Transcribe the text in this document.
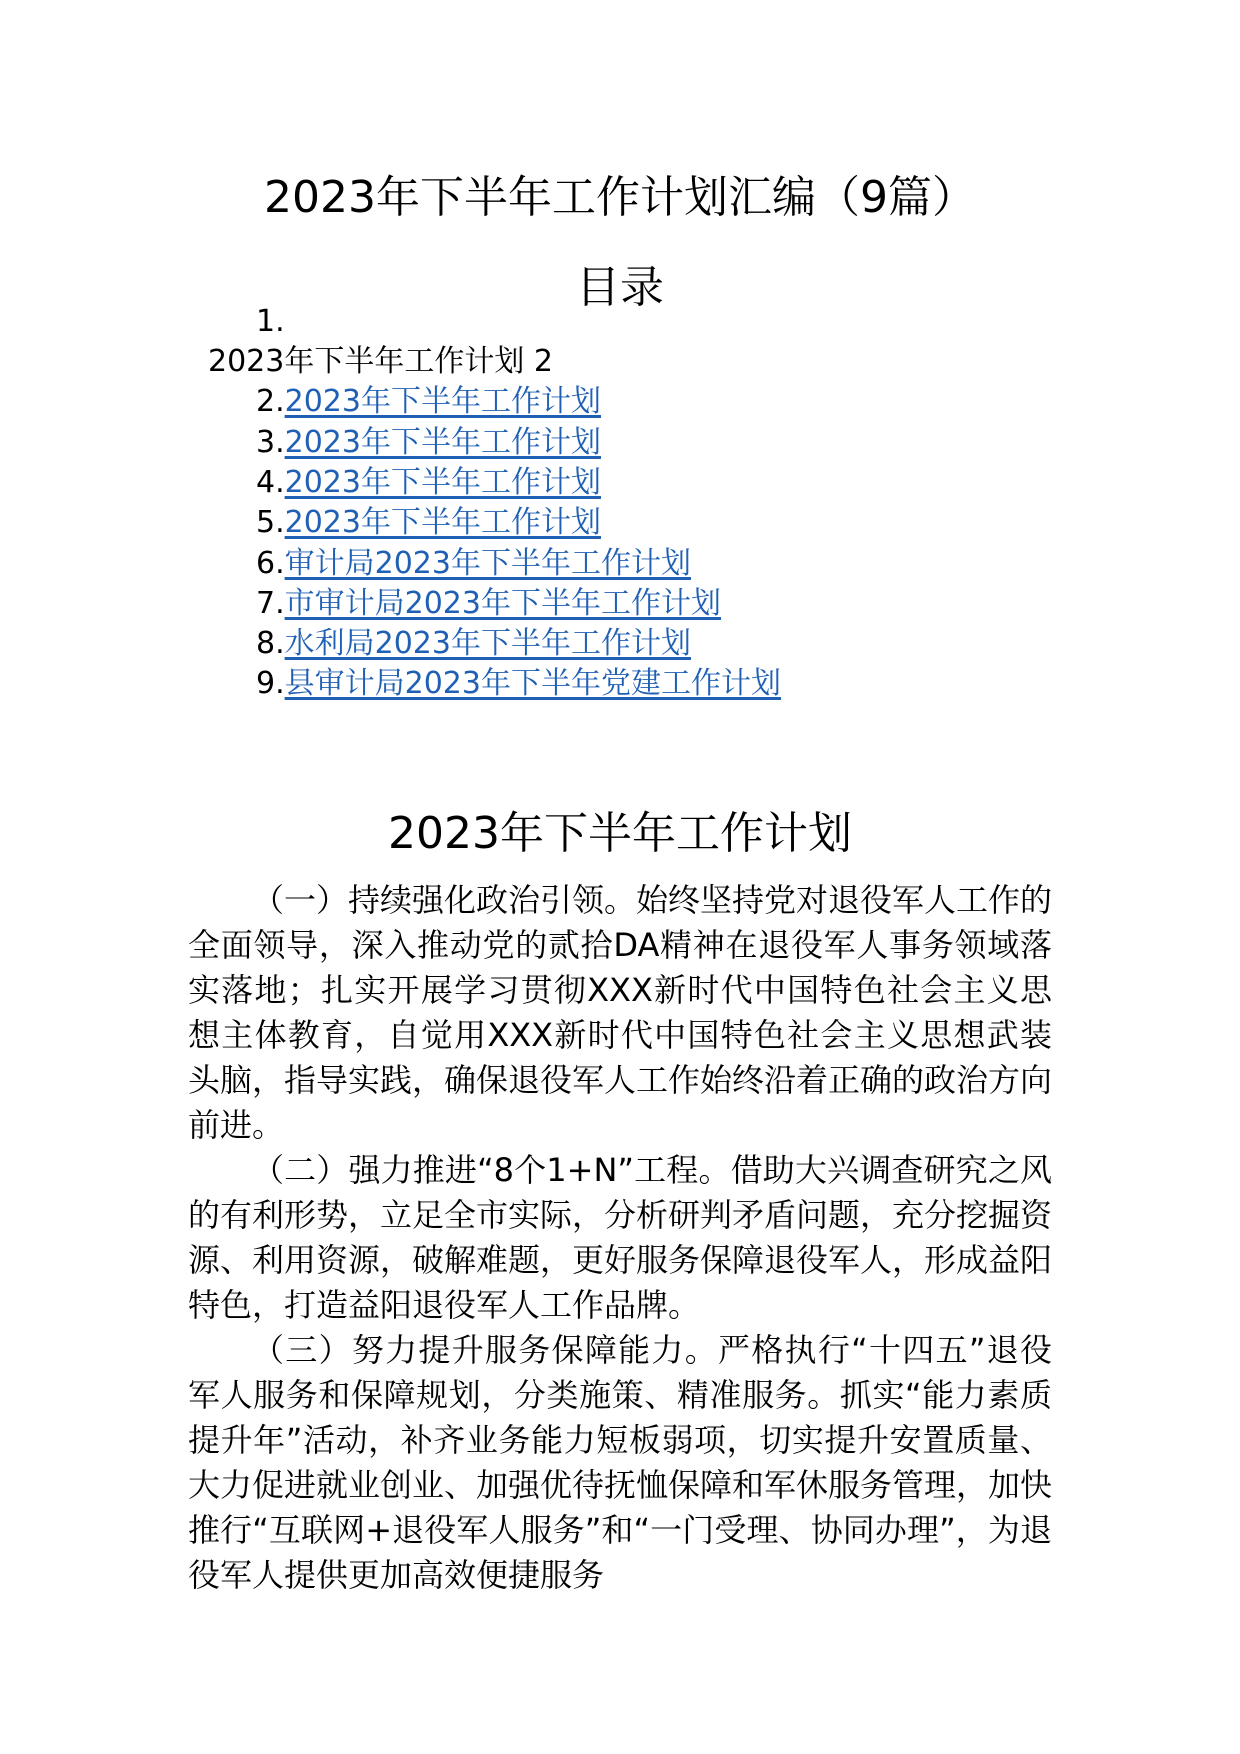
2023年下半年工作计划汇编（9篇）
目录
1.
2023年下半年工作计划 2
2.2023年下半年工作计划
3.2023年下半年工作计划
4.2023年下半年工作计划
5.2023年下半年工作计划
6.审计局2023年下半年工作计划
7.市审计局2023年下半年工作计划
8.水利局2023年下半年工作计划
9.县审计局2023年下半年党建工作计划
2023年下半年工作计划

（一）持续强化政治引领。始终坚持党对退役军人工作的全面领导，深入推动党的贰拾DA精神在退役军人事务领域落实落地；扎实开展学习贯彻XXX新时代中国特色社会主义思想主体教育，自觉用XXX新时代中国特色社会主义思想武装头脑，指导实践，确保退役军人工作始终沿着正确的政治方向前进。

（二）强力推进“8个1+N”工程。借助大兴调查研究之风的有利形势，立足全市实际，分析研判矛盾问题，充分挖掘资源、利用资源，破解难题，更好服务保障退役军人，形成益阳特色，打造益阳退役军人工作品牌。

（三）努力提升服务保障能力。严格执行“十四五”退役军人服务和保障规划，分类施策、精准服务。抓实“能力素质提升年”活动，补齐业务能力短板弱项，切实提升安置质量、大力促进就业创业、加强优待抚恤保障和军休服务管理，加快推行“互联网+退役军人服务”和“一门受理、协同办理”，为退役军人提供更加高效便捷服务
